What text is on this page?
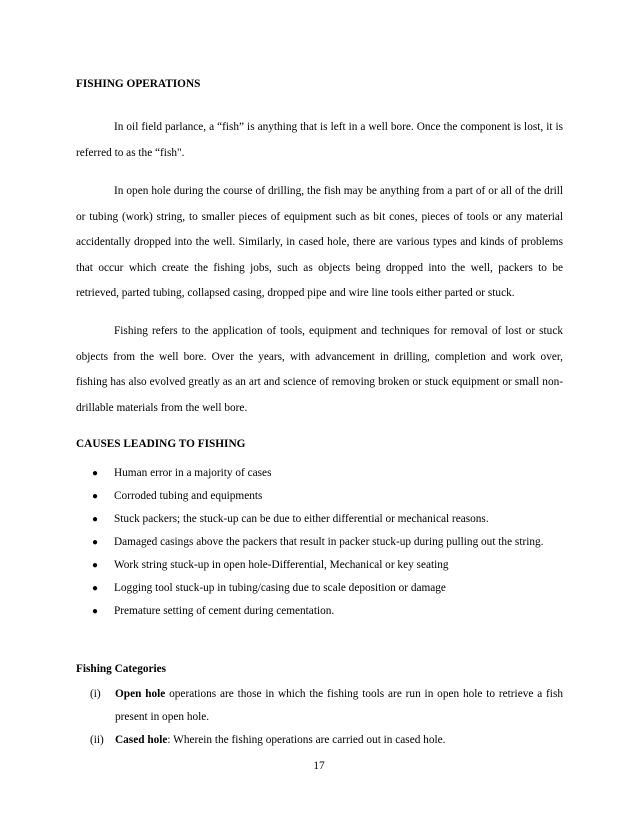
FISHING OPERATIONS

In oil field parlance, a “fish” is anything that is left in a well bore. Once the component is lost, it is referred to as the “fish".

In open hole during the course of drilling, the fish may be anything from a part of or all of the drill or tubing (work) string, to smaller pieces of equipment such as bit cones, pieces of tools or any material accidentally dropped into the well. Similarly, in cased hole, there are various types and kinds of problems that occur which create the fishing jobs, such as objects being dropped into the well, packers to be retrieved, parted tubing, collapsed casing, dropped pipe and wire line tools either parted or stuck.

Fishing refers to the application of tools, equipment and techniques for removal of lost or stuck objects from the well bore. Over the years, with advancement in drilling, completion and work over, fishing has also evolved greatly as an art and science of removing broken or stuck equipment or small non-drillable materials from the well bore.

CAUSES LEADING TO FISHING
● Human error in a majority of cases
● Corroded tubing and equipments
● Stuck packers; the stuck-up can be due to either differential or mechanical reasons.
● Damaged casings above the packers that result in packer stuck-up during pulling out the string.
● Work string stuck-up in open hole-Differential, Mechanical or key seating
● Logging tool stuck-up in tubing/casing due to scale deposition or damage
● Premature setting of cement during cementation.
Fishing Categories
(i) Open hole operations are those in which the fishing tools are run in open hole to retrieve a fish present in open hole.
(ii) Cased hole: Wherein the fishing operations are carried out in cased hole.
17
